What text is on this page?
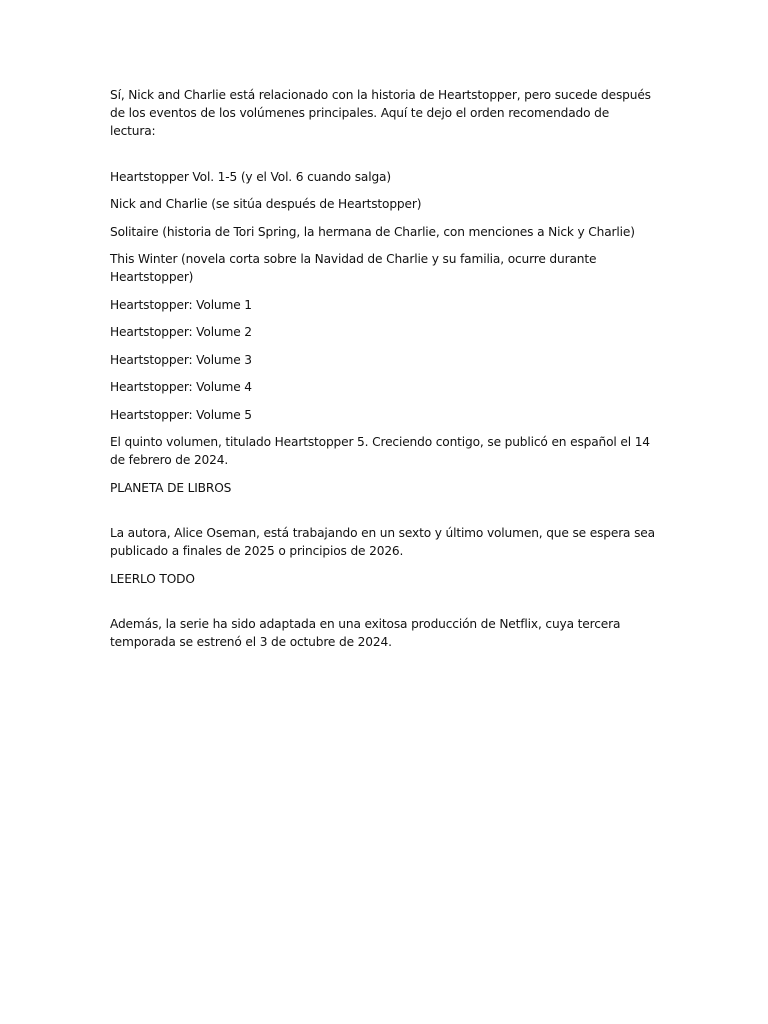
Sí, Nick and Charlie está relacionado con la historia de Heartstopper, pero sucede después de los eventos de los volúmenes principales. Aquí te dejo el orden recomendado de lectura:

Heartstopper Vol. 1-5 (y el Vol. 6 cuando salga)

Nick and Charlie (se sitúa después de Heartstopper)

Solitaire (historia de Tori Spring, la hermana de Charlie, con menciones a Nick y Charlie)

This Winter (novela corta sobre la Navidad de Charlie y su familia, ocurre durante Heartstopper)

Heartstopper: Volume 1

Heartstopper: Volume 2

Heartstopper: Volume 3

Heartstopper: Volume 4

Heartstopper: Volume 5

El quinto volumen, titulado Heartstopper 5. Creciendo contigo, se publicó en español el 14 de febrero de 2024.

PLANETA DE LIBROS

La autora, Alice Oseman, está trabajando en un sexto y último volumen, que se espera sea publicado a finales de 2025 o principios de 2026.

LEERLO TODO

Además, la serie ha sido adaptada en una exitosa producción de Netflix, cuya tercera temporada se estrenó el 3 de octubre de 2024.
